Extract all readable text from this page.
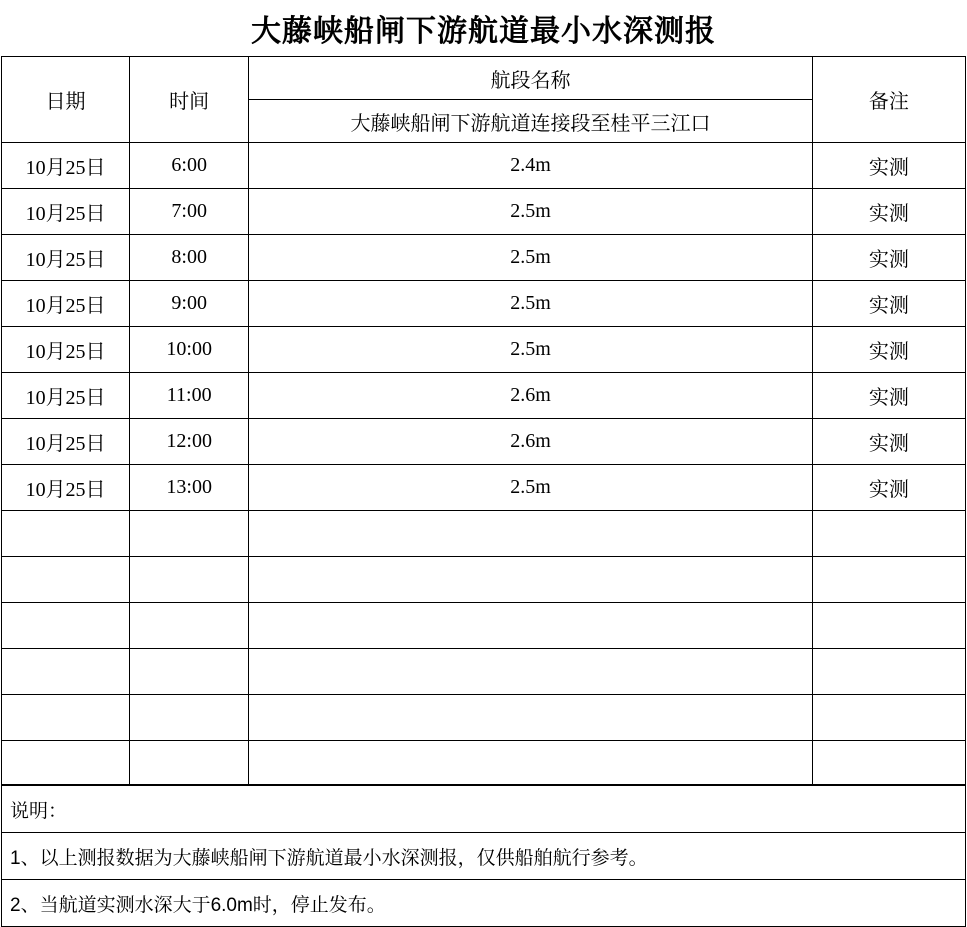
大藤峡船闸下游航道最小水深测报
日期	时间	航段名称	备注
		大藤峡船闸下游航道连接段至桂平三江口	
10月25日	6:00	2.4m	实测
10月25日	7:00	2.5m	实测
10月25日	8:00	2.5m	实测
10月25日	9:00	2.5m	实测
10月25日	10:00	2.5m	实测
10月25日	11:00	2.6m	实测
10月25日	12:00	2.6m	实测
10月25日	13:00	2.5m	实测

说明：
1、以上测报数据为大藤峡船闸下游航道最小水深测报，仅供船舶航行参考。
2、当航道实测水深大于6.0m时，停止发布。
